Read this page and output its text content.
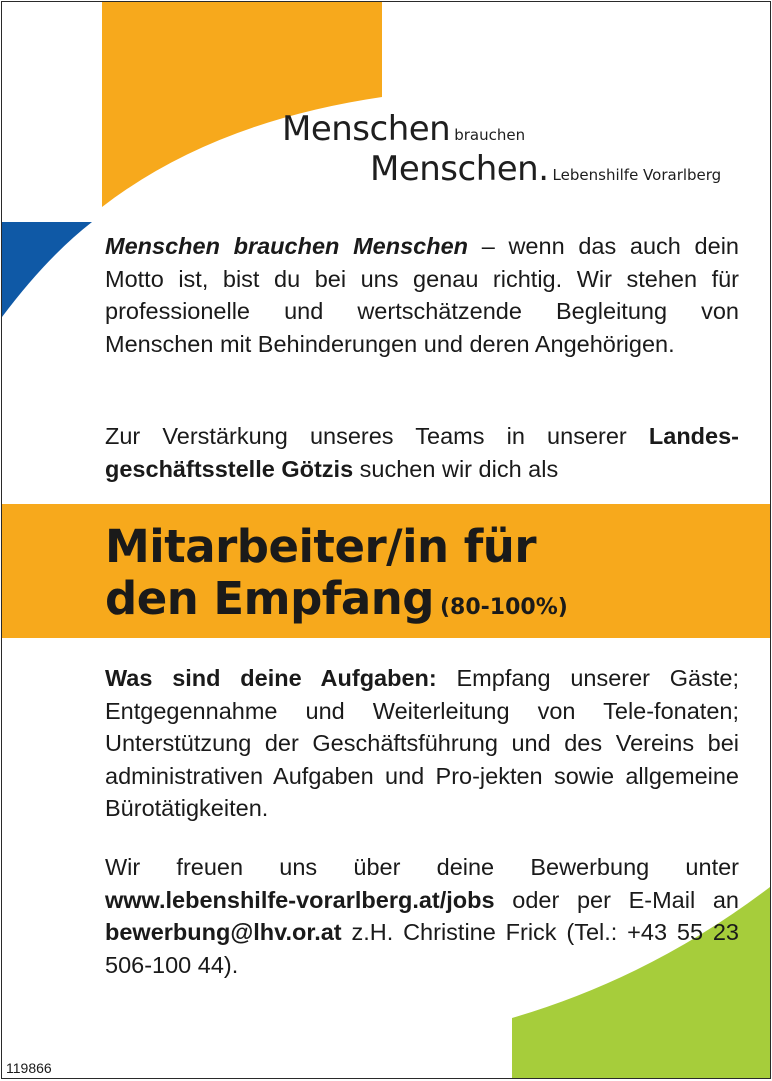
Menschen brauchen
Menschen. Lebenshilfe Vorarlberg

Menschen brauchen Menschen – wenn das auch dein Motto ist, bist du bei uns genau richtig. Wir stehen für professionelle und wertschätzende Begleitung von Menschen mit Behinderungen und deren Angehörigen.

Zur Verstärkung unseres Teams in unserer Landes-geschäftsstelle Götzis suchen wir dich als

Mitarbeiter/in für
den Empfang (80-100%)

Was sind deine Aufgaben: Empfang unserer Gäste; Entgegennahme und Weiterleitung von Tele-fonaten; Unterstützung der Geschäftsführung und des Vereins bei administrativen Aufgaben und Pro-jekten sowie allgemeine Bürotätigkeiten.

Wir freuen uns über deine Bewerbung unter www.lebenshilfe-vorarlberg.at/jobs oder per E-Mail an bewerbung@lhv.or.at z.H. Christine Frick (Tel.: +43 55 23 506-100 44).

119866
